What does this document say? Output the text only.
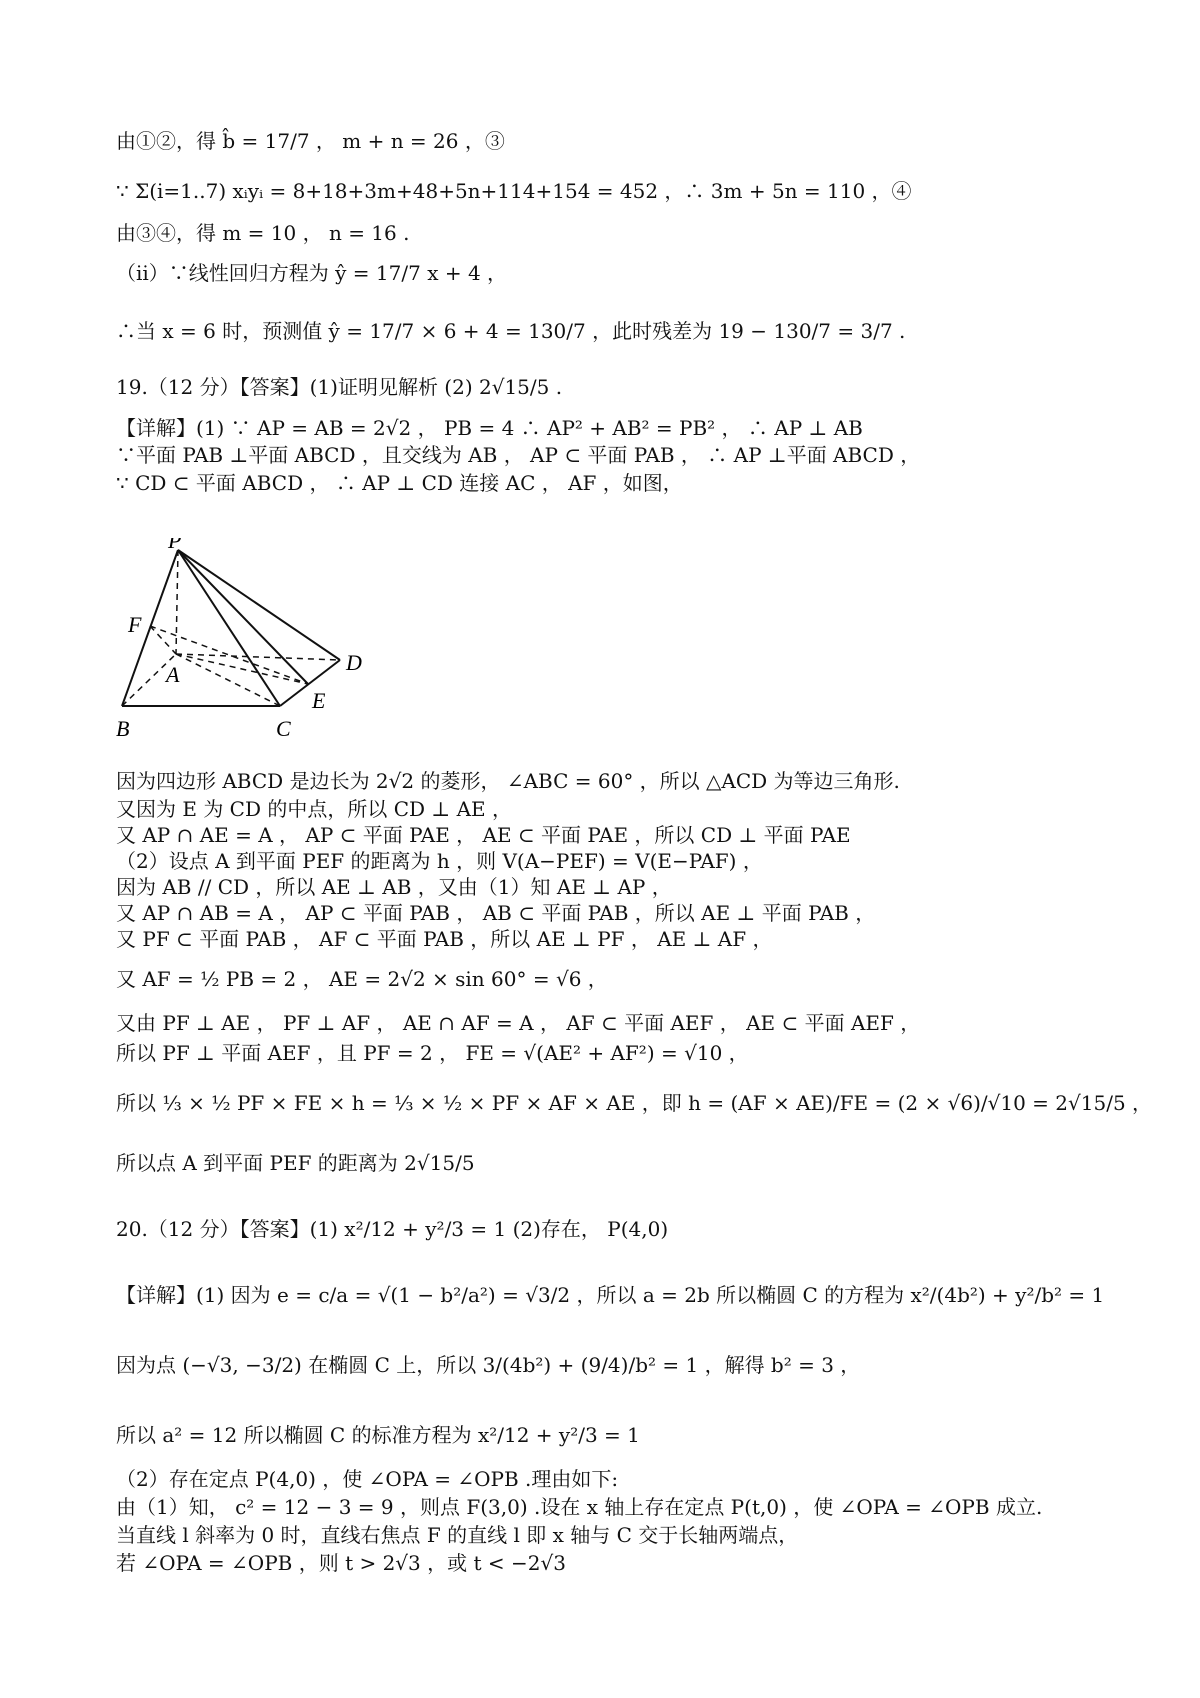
由①②，得 b̂ = 17/7 ， m + n = 26 ，③
∵ Σ(i=1..7) xᵢyᵢ = 8+18+3m+48+5n+114+154 = 452 ，∴ 3m + 5n = 110 ，④
由③④，得 m = 10 ， n = 16 .
（ii）∵线性回归方程为 ŷ = 17/7 x + 4 ，
∴当 x = 6 时，预测值 ŷ = 17/7 × 6 + 4 = 130/7 ，此时残差为 19 − 130/7 = 3/7 .
19.（12 分）【答案】(1)证明见解析 (2) 2√15/5 .
【详解】(1) ∵ AP = AB = 2√2 ， PB = 4 ∴ AP² + AB² = PB² ， ∴ AP ⊥ AB
∵平面 PAB ⊥平面 ABCD ，且交线为 AB ， AP ⊂ 平面 PAB ， ∴ AP ⊥平面 ABCD ，
∵ CD ⊂ 平面 ABCD ， ∴ AP ⊥ CD 连接 AC ， AF ，如图，
P
F
A	D
E
B	C
因为四边形 ABCD 是边长为 2√2 的菱形， ∠ABC = 60° ，所以 △ACD 为等边三角形.
又因为 E 为 CD 的中点，所以 CD ⊥ AE ，
又 AP ∩ AE = A ， AP ⊂ 平面 PAE ， AE ⊂ 平面 PAE ，所以 CD ⊥ 平面 PAE
（2）设点 A 到平面 PEF 的距离为 h ，则 V(A−PEF) = V(E−PAF) ，
因为 AB // CD ，所以 AE ⊥ AB ，又由（1）知 AE ⊥ AP ，
又 AP ∩ AB = A ， AP ⊂ 平面 PAB ， AB ⊂ 平面 PAB ，所以 AE ⊥ 平面 PAB ，
又 PF ⊂ 平面 PAB ， AF ⊂ 平面 PAB ，所以 AE ⊥ PF ， AE ⊥ AF ，
又 AF = ½ PB = 2 ， AE = 2√2 × sin 60° = √6 ，
又由 PF ⊥ AE ， PF ⊥ AF ， AE ∩ AF = A ， AF ⊂ 平面 AEF ， AE ⊂ 平面 AEF ，
所以 PF ⊥ 平面 AEF ，且 PF = 2 ， FE = √(AE² + AF²) = √10 ，
所以 ⅓ × ½ PF × FE × h = ⅓ × ½ × PF × AF × AE ，即 h = (AF × AE)/FE = (2 × √6)/√10 = 2√15/5 ，
所以点 A 到平面 PEF 的距离为 2√15/5
20.（12 分）【答案】(1) x²/12 + y²/3 = 1 (2)存在， P(4,0)
【详解】(1) 因为 e = c/a = √(1 − b²/a²) = √3/2 ，所以 a = 2b 所以椭圆 C 的方程为 x²/(4b²) + y²/b² = 1
因为点 (−√3, −3/2) 在椭圆 C 上，所以 3/(4b²) + (9/4)/b² = 1 ，解得 b² = 3 ，
所以 a² = 12 所以椭圆 C 的标准方程为 x²/12 + y²/3 = 1
（2）存在定点 P(4,0) ，使 ∠OPA = ∠OPB .理由如下:
由（1）知， c² = 12 − 3 = 9 ，则点 F(3,0) .设在 x 轴上存在定点 P(t,0) ，使 ∠OPA = ∠OPB 成立.
当直线 l 斜率为 0 时，直线右焦点 F 的直线 l 即 x 轴与 C 交于长轴两端点，
若 ∠OPA = ∠OPB ，则 t > 2√3 ，或 t < −2√3
